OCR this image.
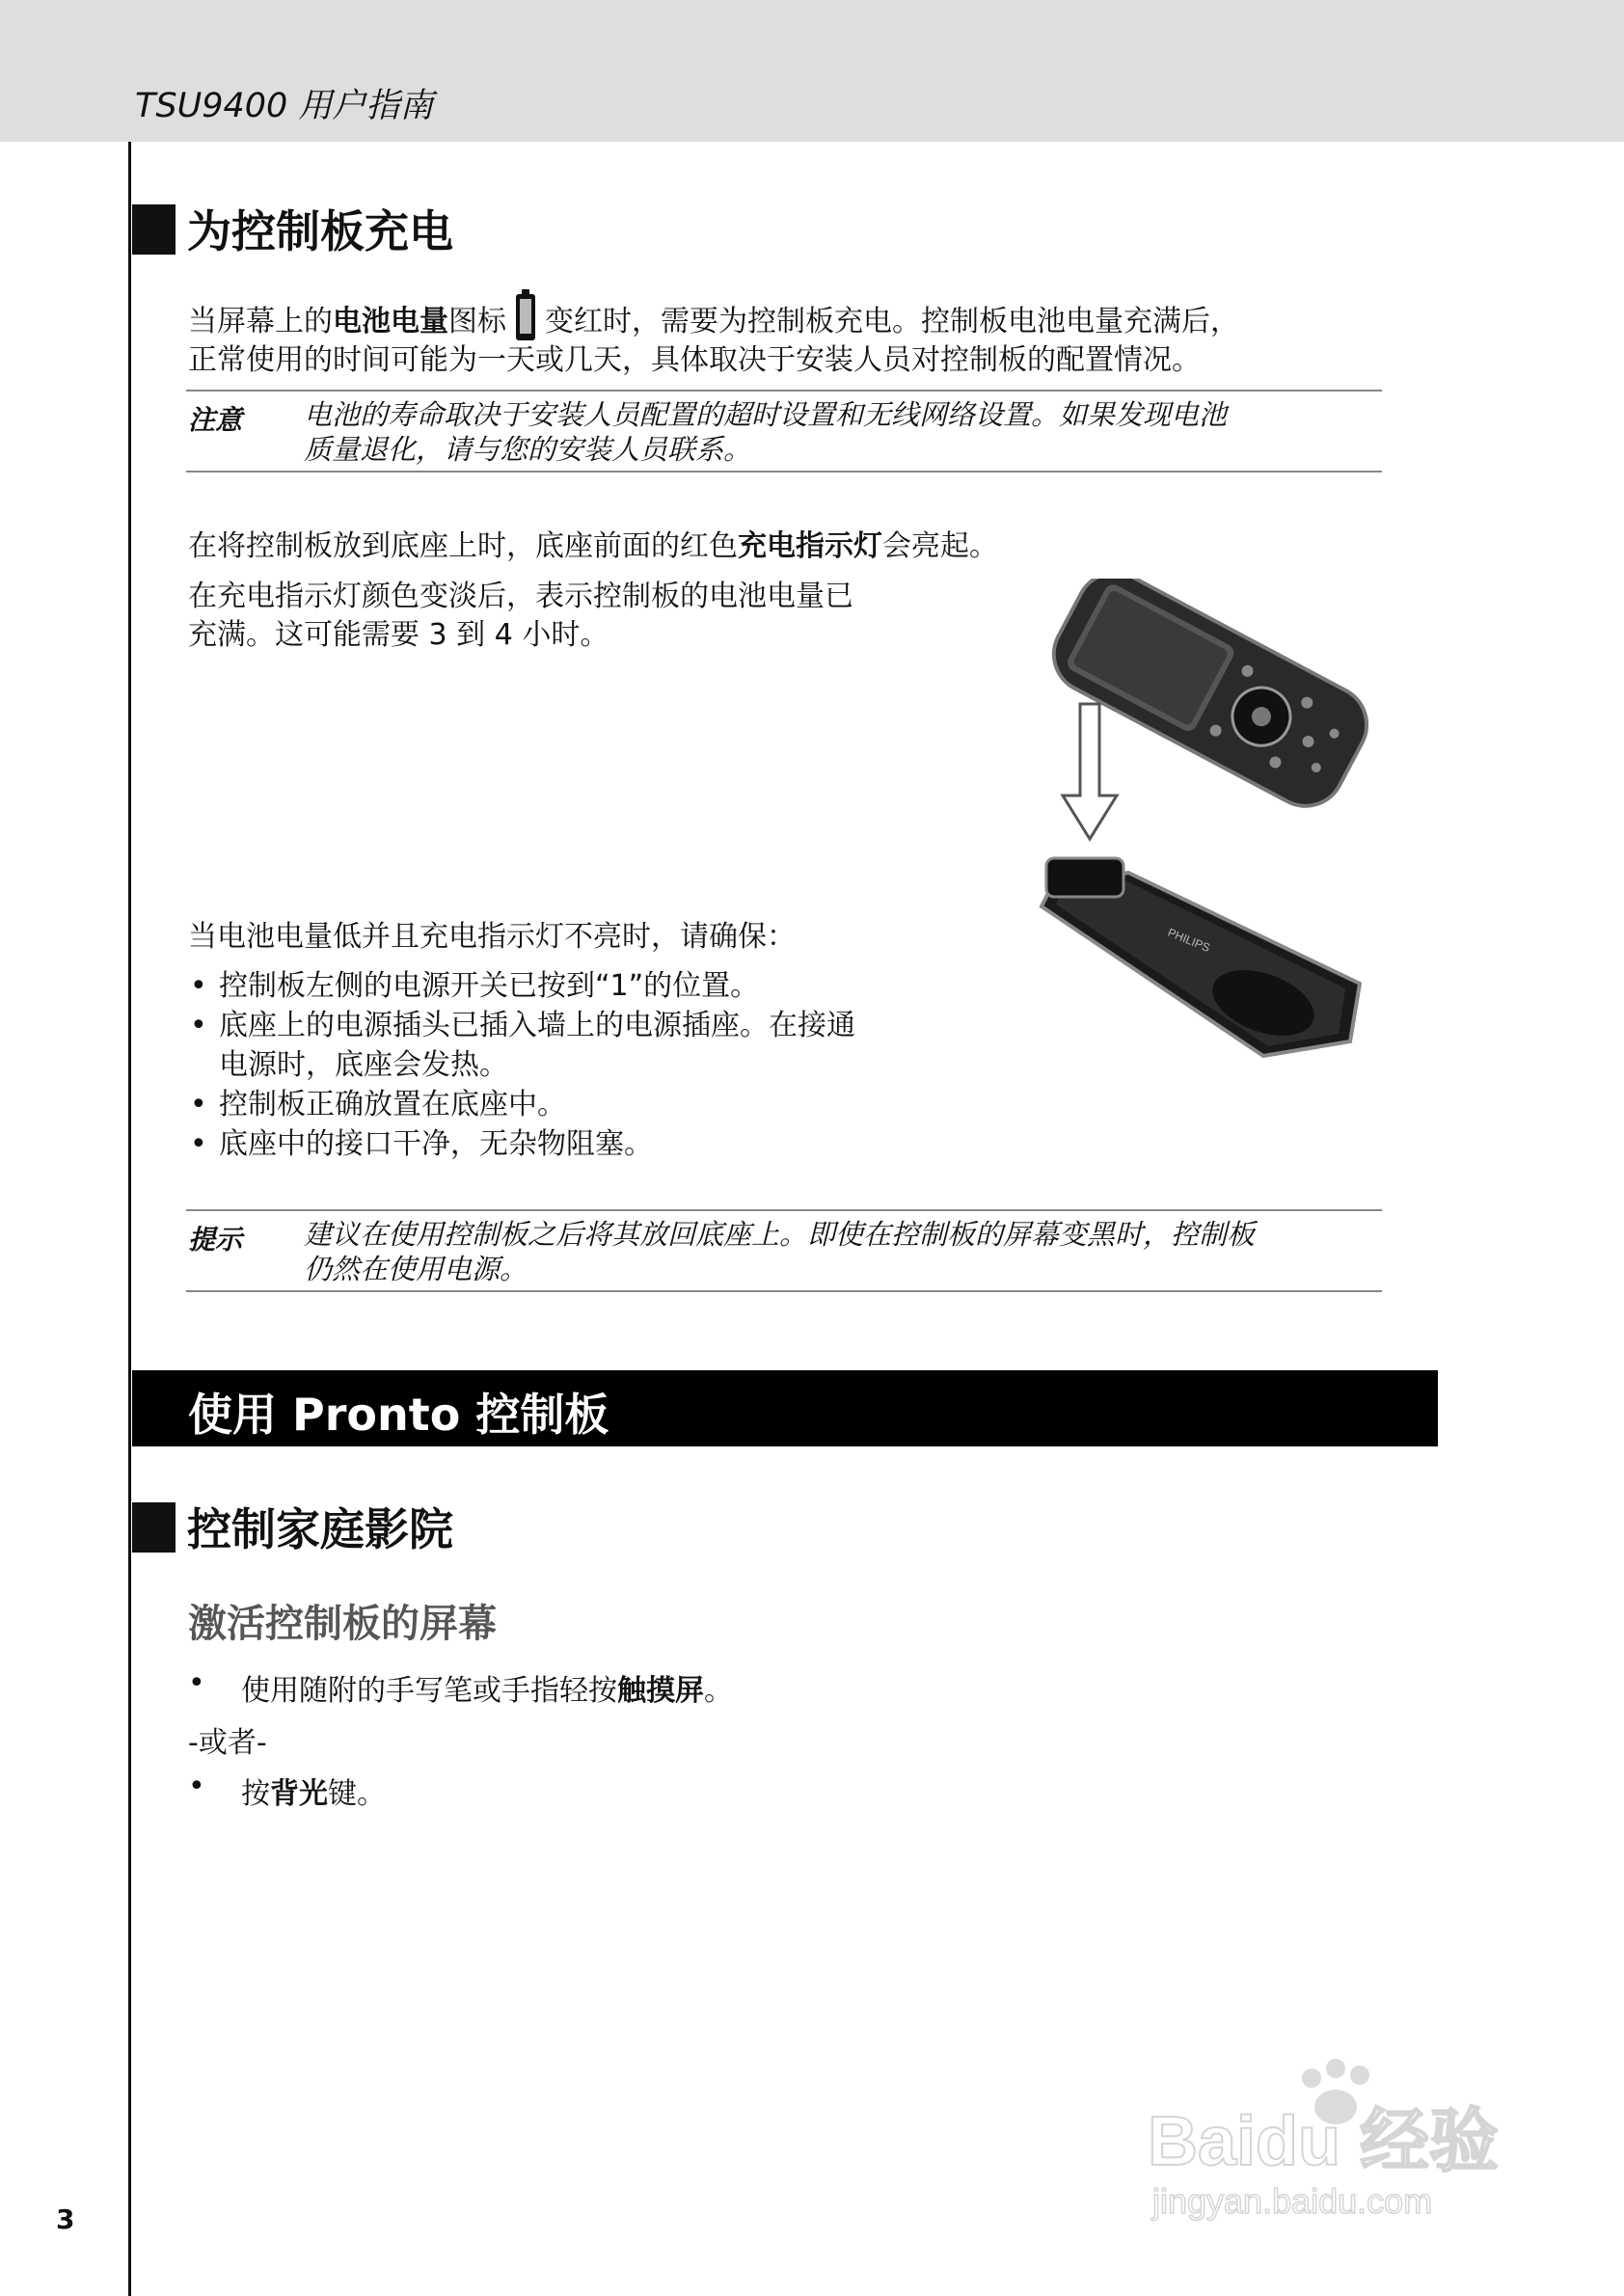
TSU9400 用户指南
3
为控制板充电
当屏幕上的电池电量图标 变红时，需要为控制板充电。控制板电池电量充满后，
正常使用的时间可能为一天或几天，具体取决于安装人员对控制板的配置情况。
注意 电池的寿命取决于安装人员配置的超时设置和无线网络设置。如果发现电池
质量退化，请与您的安装人员联系。
在将控制板放到底座上时，底座前面的红色充电指示灯会亮起。
在充电指示灯颜色变淡后，表示控制板的电池电量已
充满。这可能需要 3 到 4 小时。
PHILIPS
当电池电量低并且充电指示灯不亮时，请确保：
• 控制板左侧的电源开关已按到“1”的位置。
• 底座上的电源插头已插入墙上的电源插座。在接通
电源时，底座会发热。
• 控制板正确放置在底座中。
• 底座中的接口干净，无杂物阻塞。
提示 建议在使用控制板之后将其放回底座上。即使在控制板的屏幕变黑时，控制板
仍然在使用电源。
使用 Pronto 控制板
控制家庭影院
激活控制板的屏幕
• 使用随附的手写笔或手指轻按触摸屏。
-或者-
• 按背光键。
Baidu 经验
jingyan.baidu.com
